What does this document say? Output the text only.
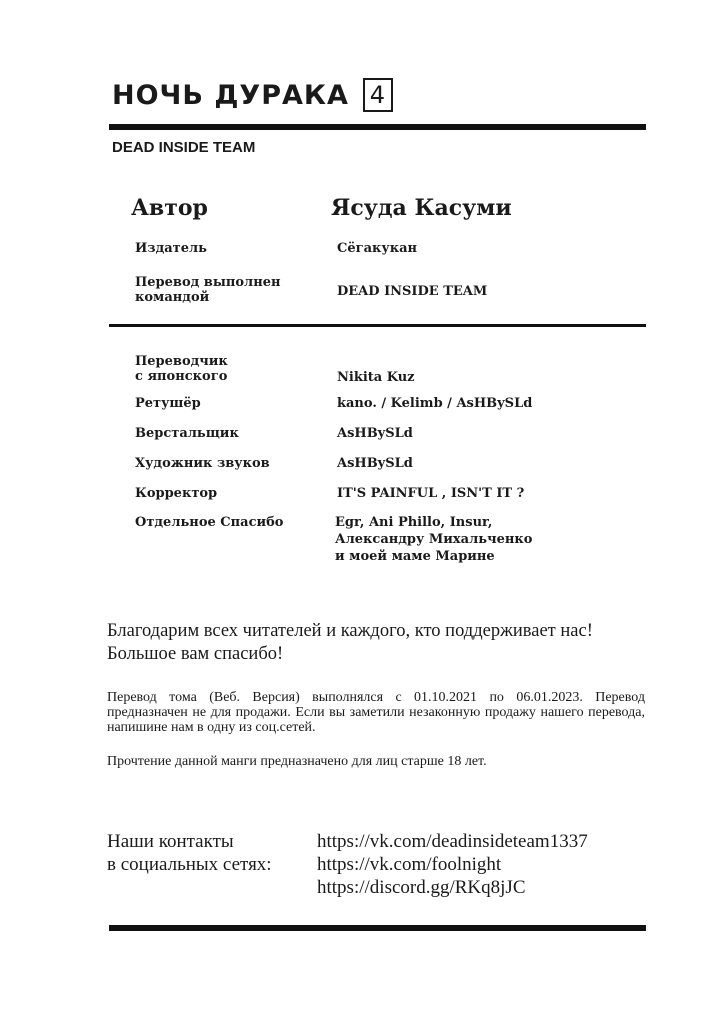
НОЧЬ ДУРАКА 4
DEAD INSIDE TEAM
Автор	Ясуда Касуми
Издатель	Сёгакукан
Перевод выполнен
командой	DEAD INSIDE TEAM
Переводчик
с японского	Nikita Kuz
Ретушёр	kano. / Kelimb / AsHBySLd
Верстальщик	AsHBySLd
Художник звуков	AsHBySLd
Корректор	IT'S PAINFUL , ISN'T IT ?
Отдельное Спасибо	Egr, Ani Phillo, Insur,
Александру Михальченко
и моей маме Марине
Благодарим всех читателей и каждого, кто поддерживает нас!
Большое вам спасибо!
Перевод тома (Веб. Версия) выполнялся с 01.10.2021 по 06.01.2023. Перевод предназначен не для продажи. Если вы заметили незаконную продажу нашего перевода, напишине нам в одну из соц.сетей.
Прочтение данной манги предназначено для лиц старше 18 лет.
Наши контакты
в социальных сетях:
https://vk.com/deadinsideteam1337
https://vk.com/foolnight
https://discord.gg/RKq8jJC
